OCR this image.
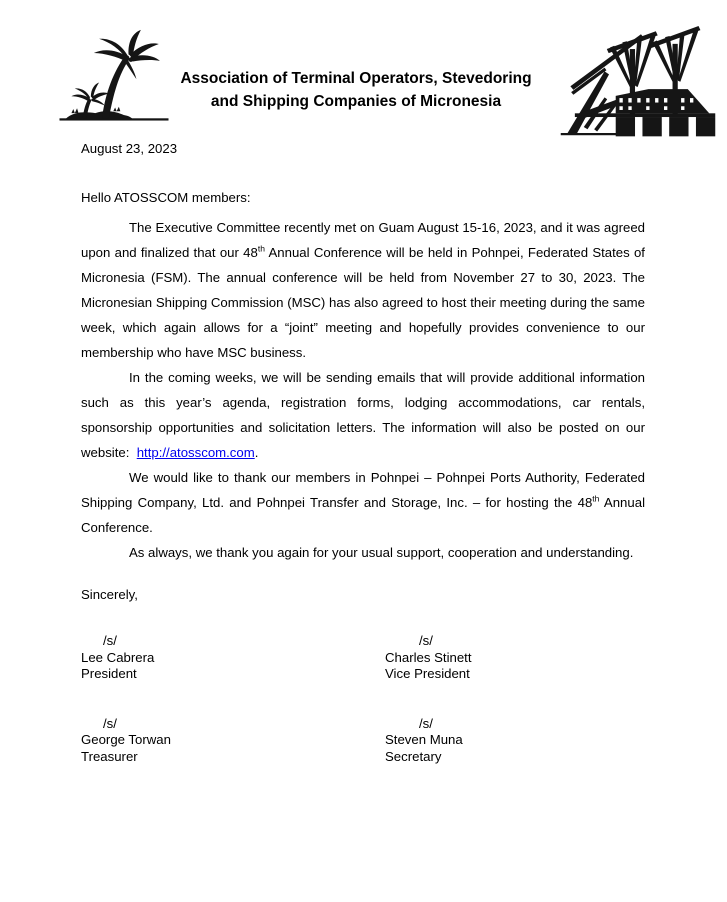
Association of Terminal Operators, Stevedoring
and Shipping Companies of Micronesia

August 23, 2023

Hello ATOSSCOM members:

The Executive Committee recently met on Guam August 15-16, 2023, and it was agreed upon and finalized that our 48th Annual Conference will be held in Pohnpei, Federated States of Micronesia (FSM). The annual conference will be held from November 27 to 30, 2023. The Micronesian Shipping Commission (MSC) has also agreed to host their meeting during the same week, which again allows for a “joint” meeting and hopefully provides convenience to our membership who have MSC business.

In the coming weeks, we will be sending emails that will provide additional information such as this year’s agenda, registration forms, lodging accommodations, car rentals, sponsorship opportunities and solicitation letters. The information will also be posted on our website:  http://atosscom.com.

We would like to thank our members in Pohnpei – Pohnpei Ports Authority, Federated Shipping Company, Ltd. and Pohnpei Transfer and Storage, Inc. – for hosting the 48th Annual Conference.

As always, we thank you again for your usual support, cooperation and understanding.

Sincerely,

/s/
Lee Cabrera
President
/s/
Charles Stinett
Vice President
/s/
George Torwan
Treasurer
/s/
Steven Muna
Secretary
